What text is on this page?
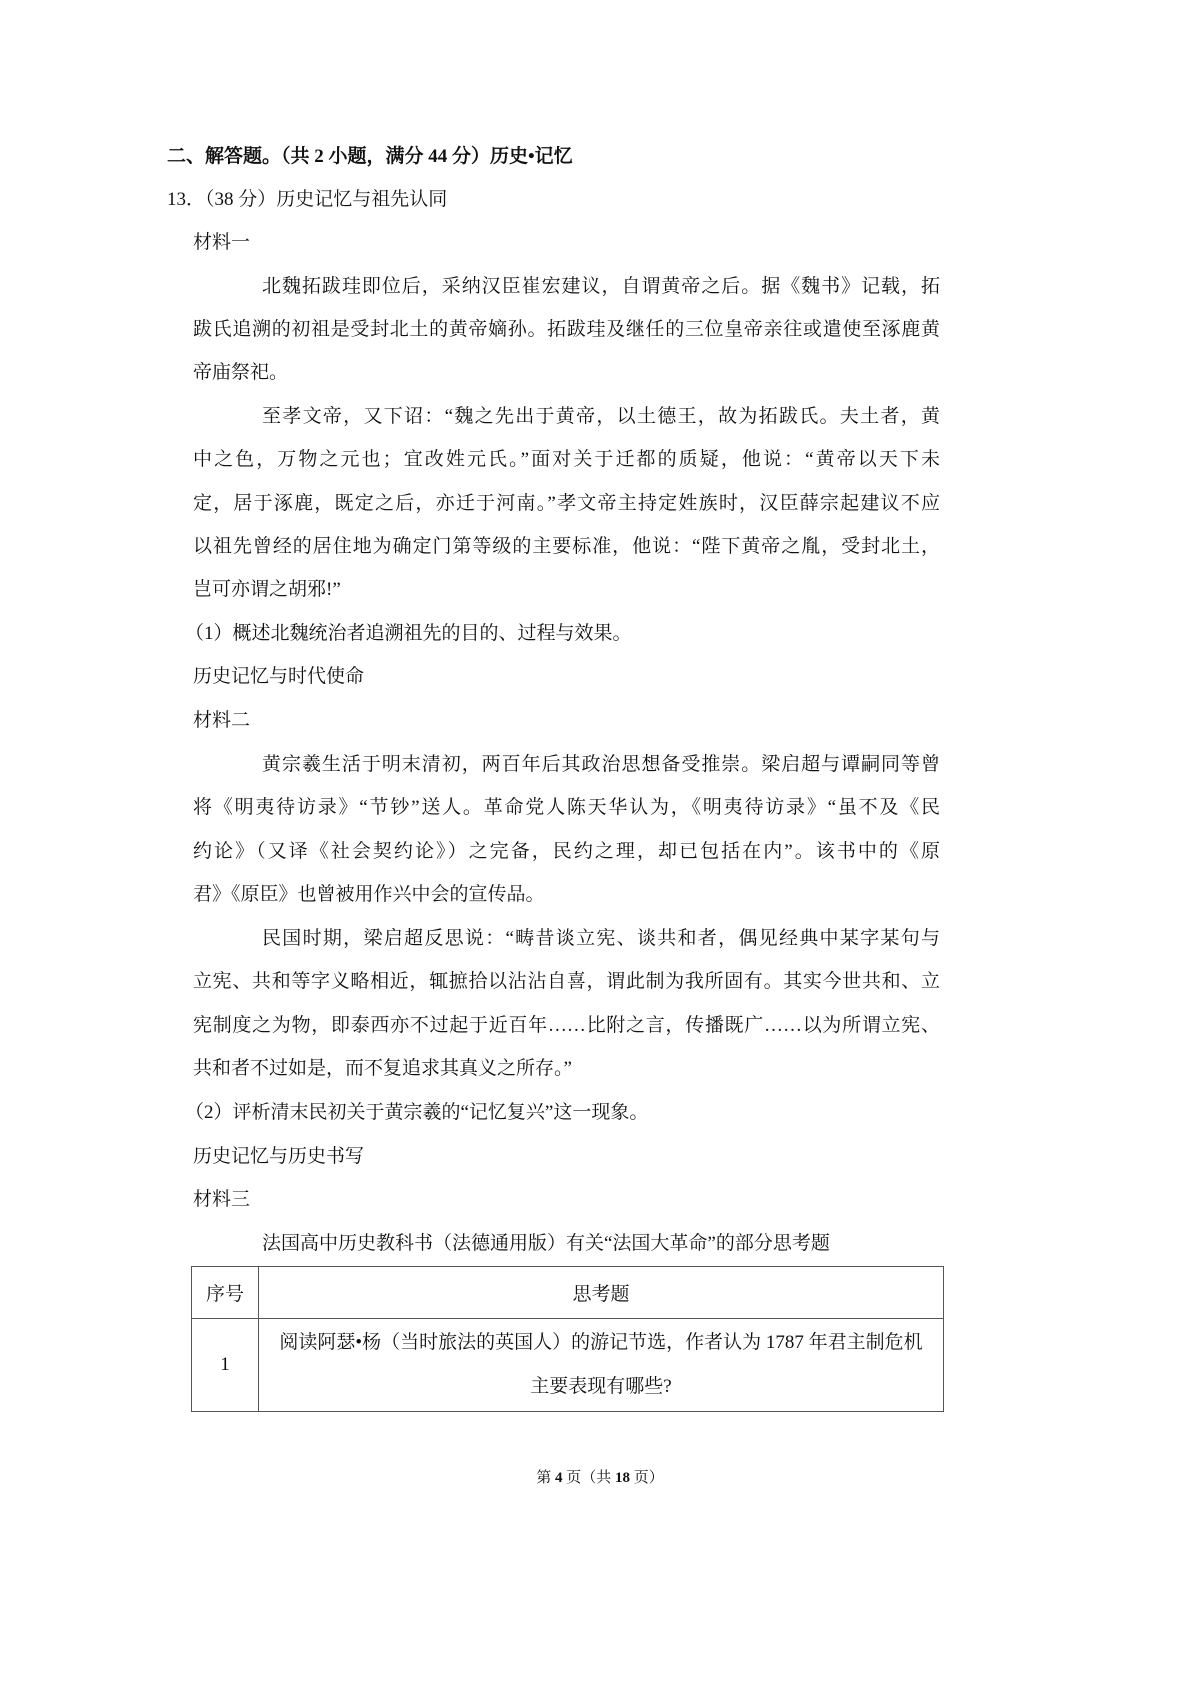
二、解答题。（共 2 小题，满分 44 分）历史•记忆
13．（38 分）历史记忆与祖先认同
材料一
北魏拓跋珪即位后，采纳汉臣崔宏建议，自谓黄帝之后。据《魏书》记载，拓
跋氏追溯的初祖是受封北土的黄帝嫡孙。拓跋珪及继任的三位皇帝亲往或遣使至涿鹿黄
帝庙祭祀。
至孝文帝，又下诏：“魏之先出于黄帝，以土德王，故为拓跋氏。夫土者，黄
中之色，万物之元也；宜改姓元氏。”面对关于迁都的质疑，他说：“黄帝以天下未
定，居于涿鹿，既定之后，亦迁于河南。”孝文帝主持定姓族时，汉臣薛宗起建议不应
以祖先曾经的居住地为确定门第等级的主要标准，他说：“陛下黄帝之胤，受封北土，
岂可亦谓之胡邪!”
（1）概述北魏统治者追溯祖先的目的、过程与效果。
历史记忆与时代使命
材料二
黄宗羲生活于明末清初，两百年后其政治思想备受推崇。梁启超与谭嗣同等曾
将《明夷待访录》“节钞”送人。革命党人陈天华认为，《明夷待访录》“虽不及《民
约论》（又译《社会契约论》）之完备，民约之理，却已包括在内”。该书中的《原
君》《原臣》也曾被用作兴中会的宣传品。
民国时期，梁启超反思说：“畴昔谈立宪、谈共和者，偶见经典中某字某句与
立宪、共和等字义略相近，辄摭拾以沾沾自喜，谓此制为我所固有。其实今世共和、立
宪制度之为物，即泰西亦不过起于近百年……比附之言，传播既广……以为所谓立宪、
共和者不过如是，而不复追求其真义之所存。”
（2）评析清末民初关于黄宗羲的“记忆复兴”这一现象。
历史记忆与历史书写
材料三
法国高中历史教科书（法德通用版）有关“法国大革命”的部分思考题
序号	思考题
1	阅读阿瑟•杨（当时旅法的英国人）的游记节选，作者认为 1787 年君主制危机
主要表现有哪些?
第 4 页（共 18 页）
